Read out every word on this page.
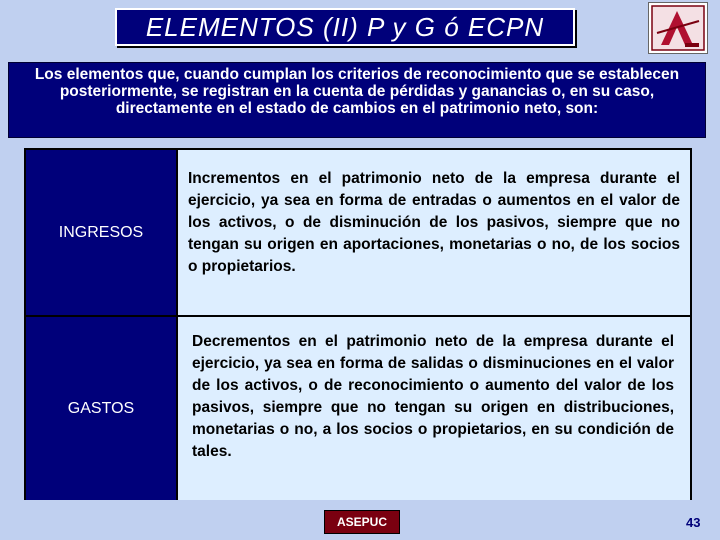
ELEMENTOS (II) P y G ó ECPN
Los elementos que, cuando cumplan los criterios de reconocimiento que se establecen posteriormente, se registran en la cuenta de pérdidas y ganancias o, en su caso, directamente en el estado de cambios en el patrimonio neto, son:
INGRESOS
Incrementos en el patrimonio neto de la empresa durante el ejercicio, ya sea en forma de entradas o aumentos en el valor de los activos, o de disminución de los pasivos, siempre que no tengan su origen en aportaciones, monetarias o no, de los socios o propietarios.
GASTOS
Decrementos en el patrimonio neto de la empresa durante el ejercicio, ya sea en forma de salidas o disminuciones en el valor de los activos, o de reconocimiento o aumento del valor de los pasivos, siempre que no tengan su origen en distribuciones, monetarias o no, a los socios o propietarios, en su condición de tales.
ASEPUC	43
